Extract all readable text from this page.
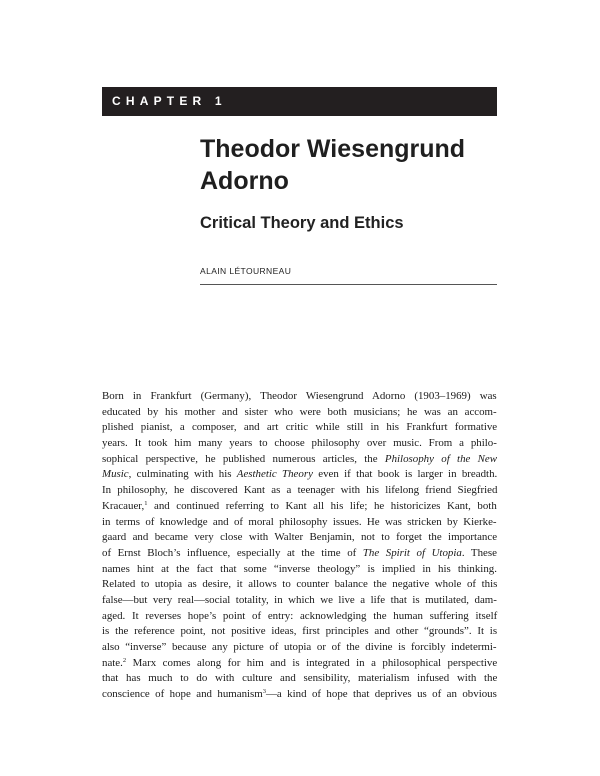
CHAPTER 1
Theodor Wiesengrund
Adorno
Critical Theory and Ethics

ALAIN LÉTOURNEAU

Born in Frankfurt (Germany), Theodor Wiesengrund Adorno (1903–1969) was
educated by his mother and sister who were both musicians; he was an accom-
plished pianist, a composer, and art critic while still in his Frankfurt formative
years. It took him many years to choose philosophy over music. From a philo-
sophical perspective, he published numerous articles, the Philosophy of the New
Music, culminating with his Aesthetic Theory even if that book is larger in breadth.
In philosophy, he discovered Kant as a teenager with his lifelong friend Siegfried
Kracauer,$^1$ and continued referring to Kant all his life; he historicizes Kant, both
in terms of knowledge and of moral philosophy issues. He was stricken by Kierke-
gaard and became very close with Walter Benjamin, not to forget the importance
of Ernst Bloch’s influence, especially at the time of The Spirit of Utopia. These
names hint at the fact that some “inverse theology” is implied in his thinking.
Related to utopia as desire, it allows to counter balance the negative whole of this
false—but very real—social totality, in which we live a life that is mutilated, dam-
aged. It reverses hope’s point of entry: acknowledging the human suffering itself
is the reference point, not positive ideas, first principles and other “grounds”. It is
also “inverse” because any picture of utopia or of the divine is forcibly indetermi-
nate.$^2$ Marx comes along for him and is integrated in a philosophical perspective
that has much to do with culture and sensibility, materialism infused with the
conscience of hope and humanism$^3$—a kind of hope that deprives us of an obvious
